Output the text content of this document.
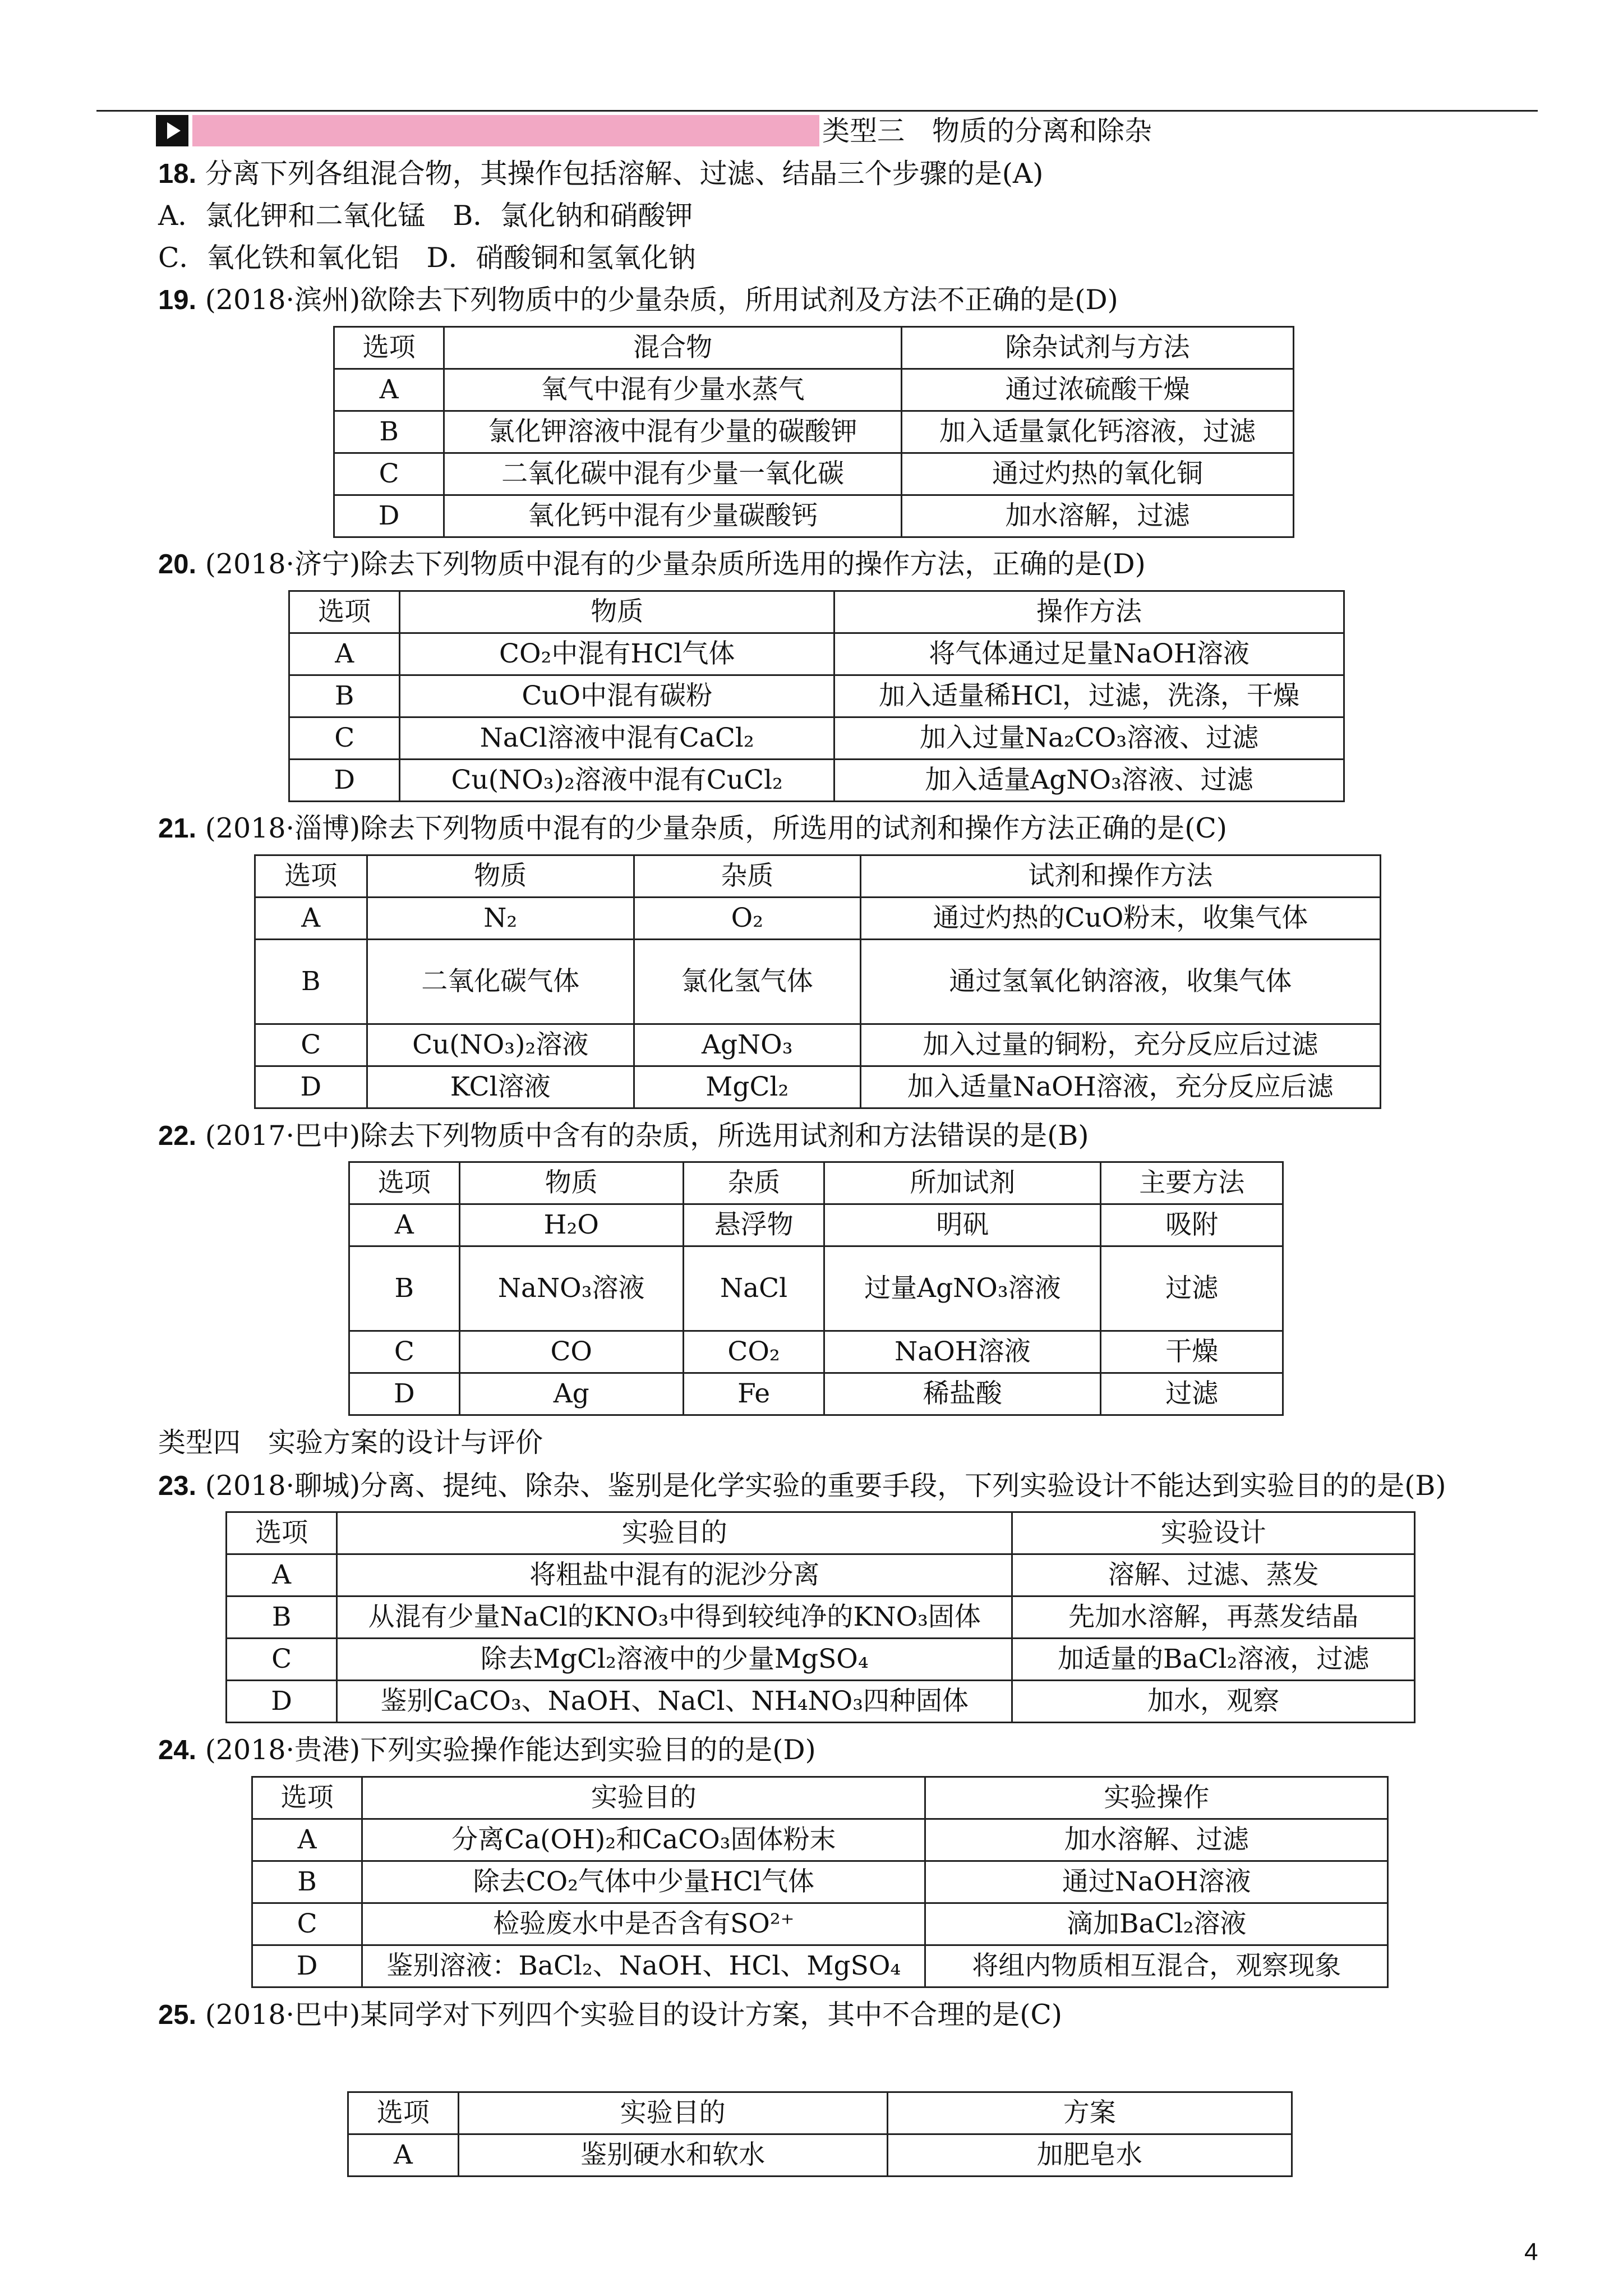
类型三　物质的分离和除杂
18. 分离下列各组混合物，其操作包括溶解、过滤、结晶三个步骤的是(A)
A．氯化钾和二氧化锰　B．氯化钠和硝酸钾
C．氧化铁和氧化铝　D．硝酸铜和氢氧化钠
19. (2018·滨州)欲除去下列物质中的少量杂质，所用试剂及方法不正确的是(D)
选项	混合物	除杂试剂与方法
A	氧气中混有少量水蒸气	通过浓硫酸干燥
B	氯化钾溶液中混有少量的碳酸钾	加入适量氯化钙溶液，过滤
C	二氧化碳中混有少量一氧化碳	通过灼热的氧化铜
D	氧化钙中混有少量碳酸钙	加水溶解，过滤
20. (2018·济宁)除去下列物质中混有的少量杂质所选用的操作方法，正确的是(D)
选项	物质	操作方法
A	CO₂中混有HCl气体	将气体通过足量NaOH溶液
B	CuO中混有碳粉	加入适量稀HCl，过滤，洗涤，干燥
C	NaCl溶液中混有CaCl₂	加入过量Na₂CO₃溶液、过滤
D	Cu(NO₃)₂溶液中混有CuCl₂	加入适量AgNO₃溶液、过滤
21. (2018·淄博)除去下列物质中混有的少量杂质，所选用的试剂和操作方法正确的是(C)
选项	物质	杂质	试剂和操作方法
A	N₂	O₂	通过灼热的CuO粉末，收集气体
B	二氧化碳气体	氯化氢气体	通过氢氧化钠溶液，收集气体
C	Cu(NO₃)₂溶液	AgNO₃	加入过量的铜粉，充分反应后过滤
D	KCl溶液	MgCl₂	加入适量NaOH溶液，充分反应后滤
22. (2017·巴中)除去下列物质中含有的杂质，所选用试剂和方法错误的是(B)
选项	物质	杂质	所加试剂	主要方法
A	H₂O	悬浮物	明矾	吸附
B	NaNO₃溶液	NaCl	过量AgNO₃溶液	过滤
C	CO	CO₂	NaOH溶液	干燥
D	Ag	Fe	稀盐酸	过滤
类型四　实验方案的设计与评价
23. (2018·聊城)分离、提纯、除杂、鉴别是化学实验的重要手段，下列实验设计不能达到实验目的的是(B)
选项	实验目的	实验设计
A	将粗盐中混有的泥沙分离	溶解、过滤、蒸发
B	从混有少量NaCl的KNO₃中得到较纯净的KNO₃固体	先加水溶解，再蒸发结晶
C	除去MgCl₂溶液中的少量MgSO₄	加适量的BaCl₂溶液，过滤
D	鉴别CaCO₃、NaOH、NaCl、NH₄NO₃四种固体	加水，观察
24. (2018·贵港)下列实验操作能达到实验目的的是(D)
选项	实验目的	实验操作
A	分离Ca(OH)₂和CaCO₃固体粉末	加水溶解、过滤
B	除去CO₂气体中少量HCl气体	通过NaOH溶液
C	检验废水中是否含有SO²⁺	滴加BaCl₂溶液
D	鉴别溶液：BaCl₂、NaOH、HCl、MgSO₄	将组内物质相互混合，观察现象
25. (2018·巴中)某同学对下列四个实验目的设计方案，其中不合理的是(C)
选项	实验目的	方案
A	鉴别硬水和软水	加肥皂水
4
